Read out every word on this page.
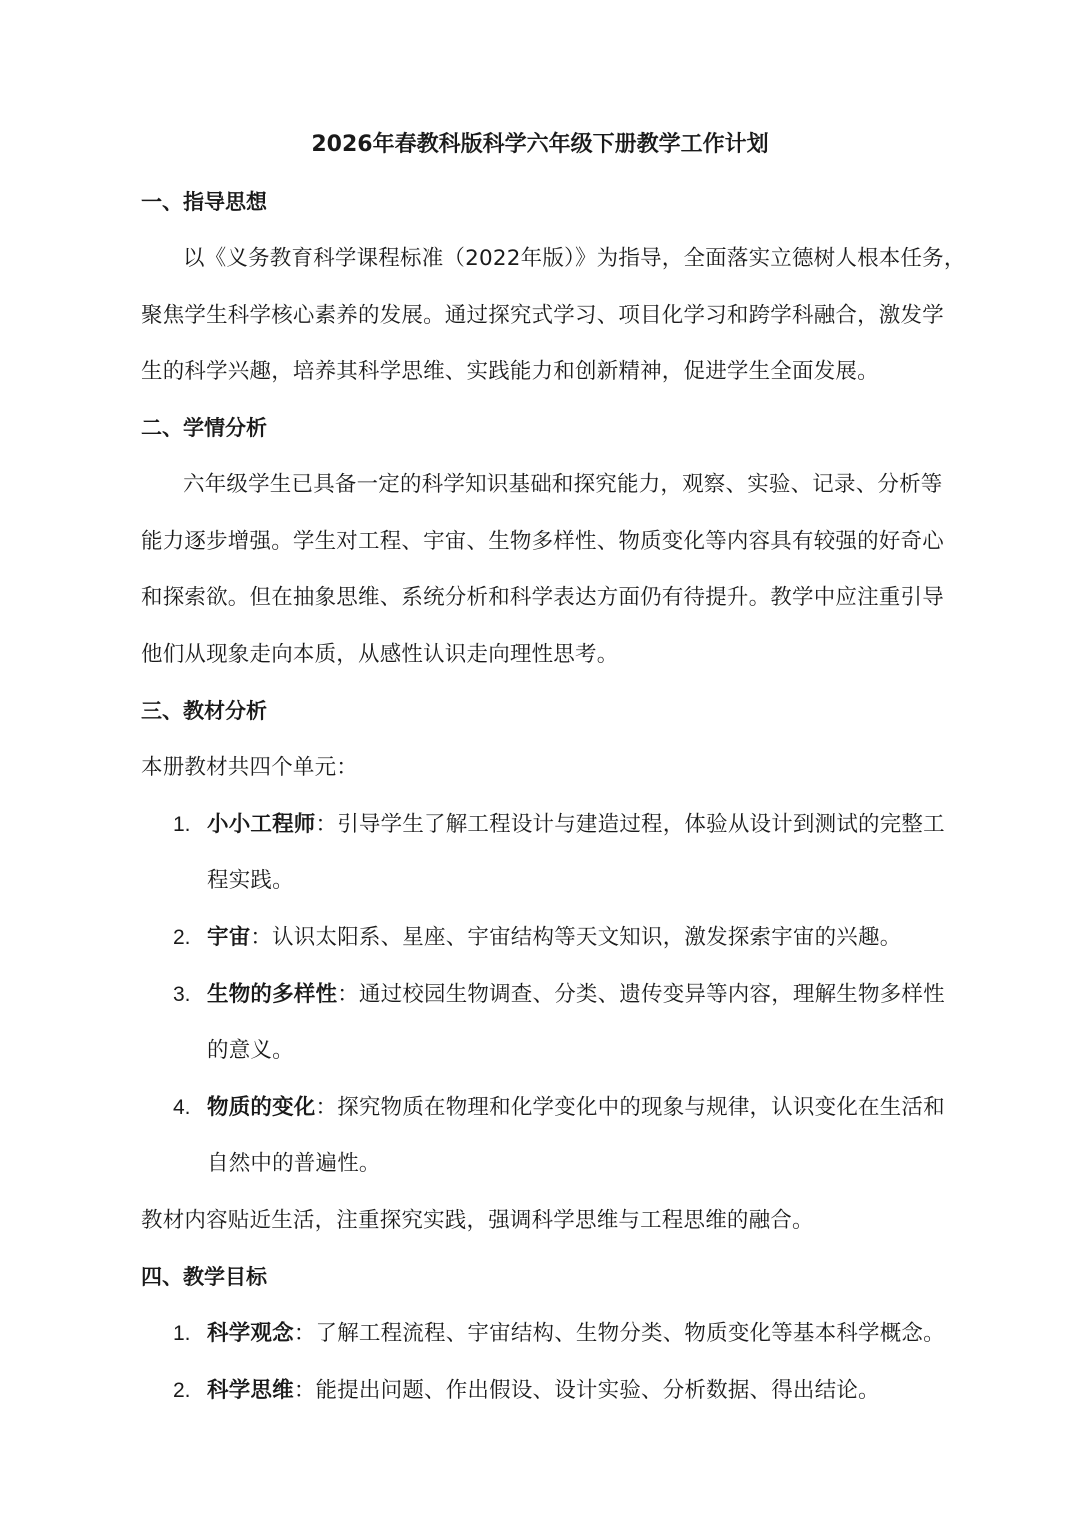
2026年春教科版科学六年级下册教学工作计划
一、指导思想
以《义务教育科学课程标准（2022年版）》为指导，全面落实立德树人根本任务，
聚焦学生科学核心素养的发展。通过探究式学习、项目化学习和跨学科融合，激发学
生的科学兴趣，培养其科学思维、实践能力和创新精神，促进学生全面发展。
二、学情分析
六年级学生已具备一定的科学知识基础和探究能力，观察、实验、记录、分析等
能力逐步增强。学生对工程、宇宙、生物多样性、物质变化等内容具有较强的好奇心
和探索欲。但在抽象思维、系统分析和科学表达方面仍有待提升。教学中应注重引导
他们从现象走向本质，从感性认识走向理性思考。
三、教材分析
本册教材共四个单元：
1. 小小工程师：引导学生了解工程设计与建造过程，体验从设计到测试的完整工
程实践。
2. 宇宙：认识太阳系、星座、宇宙结构等天文知识，激发探索宇宙的兴趣。
3. 生物的多样性：通过校园生物调查、分类、遗传变异等内容，理解生物多样性
的意义。
4. 物质的变化：探究物质在物理和化学变化中的现象与规律，认识变化在生活和
自然中的普遍性。
教材内容贴近生活，注重探究实践，强调科学思维与工程思维的融合。
四、教学目标
1. 科学观念：了解工程流程、宇宙结构、生物分类、物质变化等基本科学概念。
2. 科学思维：能提出问题、作出假设、设计实验、分析数据、得出结论。
